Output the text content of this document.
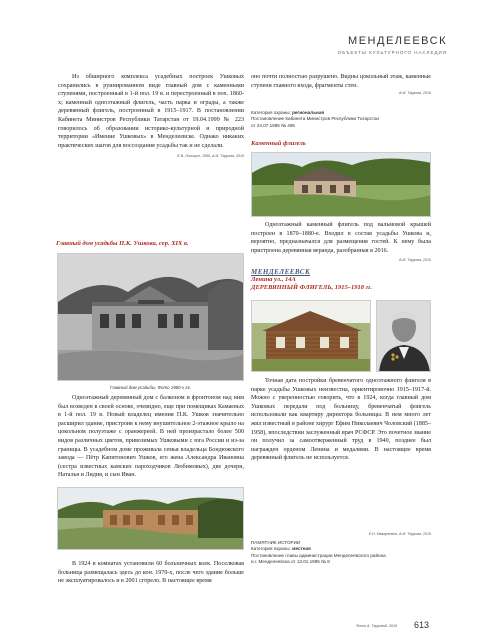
МЕНДЕЛЕЕВСК
ОБЪЕКТЫ КУЛЬТУРНОГО НАСЛЕДИЯ

Из обширного комплекса усадебных построек Ушковых сохранились в руинированном виде главный дом с каменными ступенями, построенный в 1-й пол. 19 в. и перестроенный в пох. 1860-х; каменный одноэтажный флигель, часть парка и ограды, а также деревянный флигель, построенный в 1915–1917. В постановлении Кабинета Министров Республики Татарстан от 19.04.1999 № 223 говорилось об образовании историко-культурной и природной территории «Имение Ушковых» в Менделеевске. Однако никаких практических шагов для воссоздания усадьбы так и не сделали.

Е.В. Лисицын, 1999, А.М. Таурова, 2016
Главный дом усадьбы П.К. Ушкова, сер. XIX в.
Главный дом усадьбы. Фото 1980-х гг.

Одноэтажный деревянный дом с балконом и фронтоном над ним был возведен в своей основе, очевидно, еще при помещиках Камаевых в 1-й пол. 19 в. Новый владелец имения П.К. Ушков значительно расширил здание, пристроив к нему внушительное 2-этажное крыло на цокольном полуэтаже с оранжереей. В ней произрастало более 500 видов различных цветов, привозимых Ушковыми с юга России и из-за границы. В усадебном доме проживала семья владельца Бондюжского завода — Пётр Капитонович Ушков, его жена Александра Ивановна (сестра известных камских пароходчиков Любимовых), две дочери, Наталья и Лидия, и сын Иван.

В 1924 в комнатах установили 60 больничных коек. Поселковая больница размещалась здесь до кон. 1970-х, после чего здание больше не эксплуатировалось и в 2001 сгорело. В настоящее время

оно почти полностью разрушено. Видны цокольный этаж, каменные ступени главного входа, фрагменты стен.

А.М. Таурова, 2016
Категория охраны: региональная
Постановление Кабинета Министров Республики Татарстан
от 24.07.1995 № 495
Каменный флигель

Одноэтажный каменный флигель под вальмовой крышей построен в 1870–1880-е. Входил в состав усадьбы Ушкова и, вероятно, предназначался для размещения гостей. К нему была пристроена деревянная веранда, разобранная в 2016.

А.М. Таурова, 2016
МЕНДЕЛЕЕВСК
Ленина ул., 14А
ДЕРЕВЯННЫЙ ФЛИГЕЛЬ, 1915–1918 гг.

Точная дата постройки бревенчатого одноэтажного флигеля в парке усадьбы Ушковых неизвестна, ориентировочно 1915–1917-й. Можно с уверенностью говорить, что в 1924, когда главный дом Ушковых передали под больницу, бревенчатый флигель использовали как квартиру директора больницы. В нем много лет жил известный в районе хирург Ефим Николаевич Чоловский (1885–1958), впоследствии заслуженный врач РСФСР. Это почетное звание он получил за самоотверженный труд в 1940, позднее был награжден орденом Ленина и медалями. В настоящее время деревянный флигель не используется.

Е.Н. Макаренков, А.М. Таурова, 2016
ПАМЯТНИК ИСТОРИИ
Категория охраны: местная
Постановление главы администрации Менделеевского района
и.г. Менделеевска от 13.01.1995 № 8
Фото А. Тауровой, 2016 613
